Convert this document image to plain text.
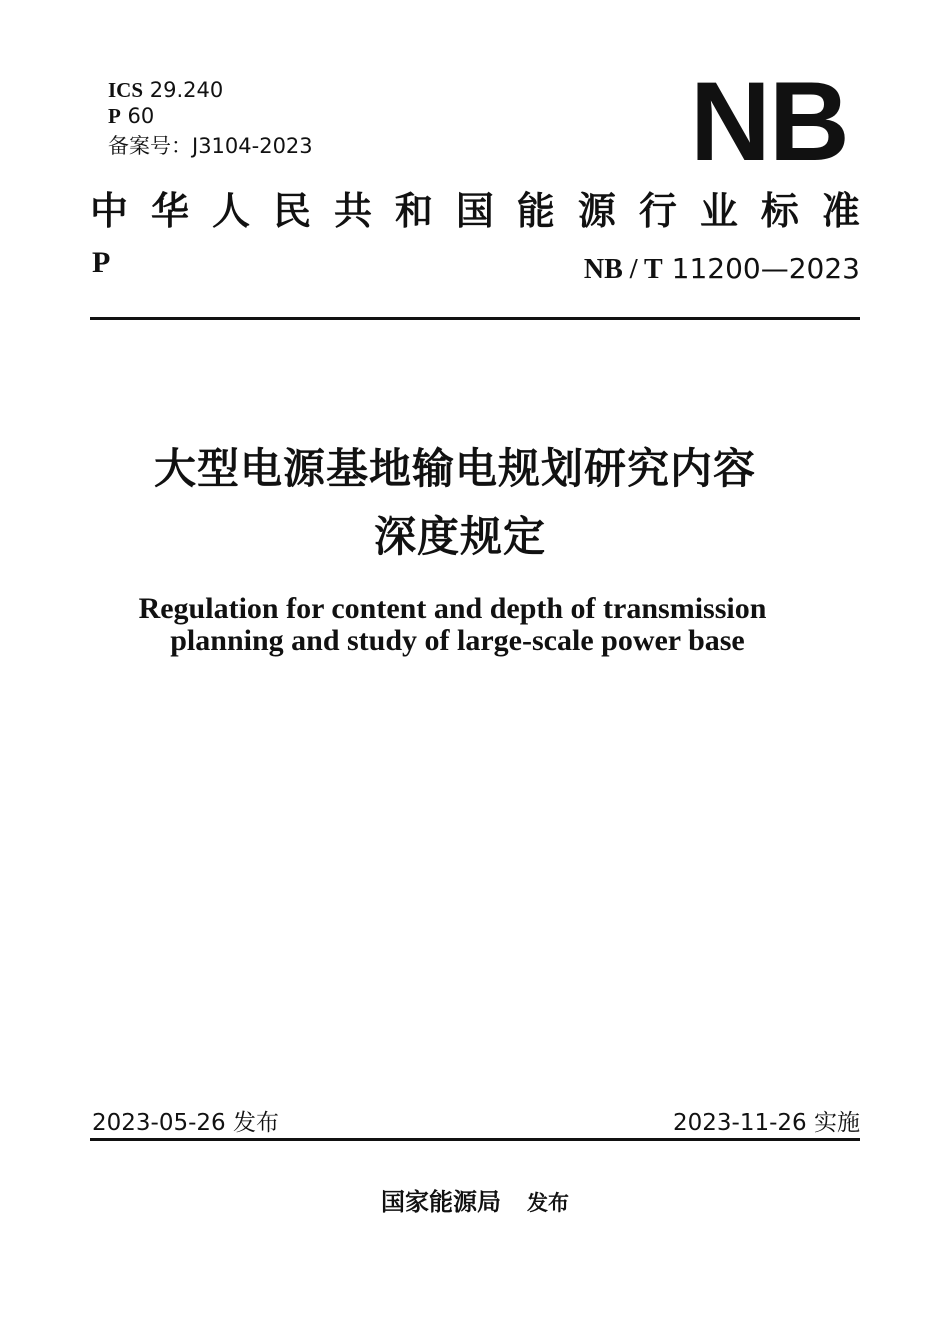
ICS 29.240
P 60
备案号：J3104-2023	NB
中 华 人 民 共 和 国 能 源 行 业 标 准
P	NB / T 11200—2023
大型电源基地输电规划研究内容
深度规定
Regulation for content and depth of transmission
planning and study of large-scale power base
2023-05-26 发布	2023-11-26 实施
国家能源局 发布
